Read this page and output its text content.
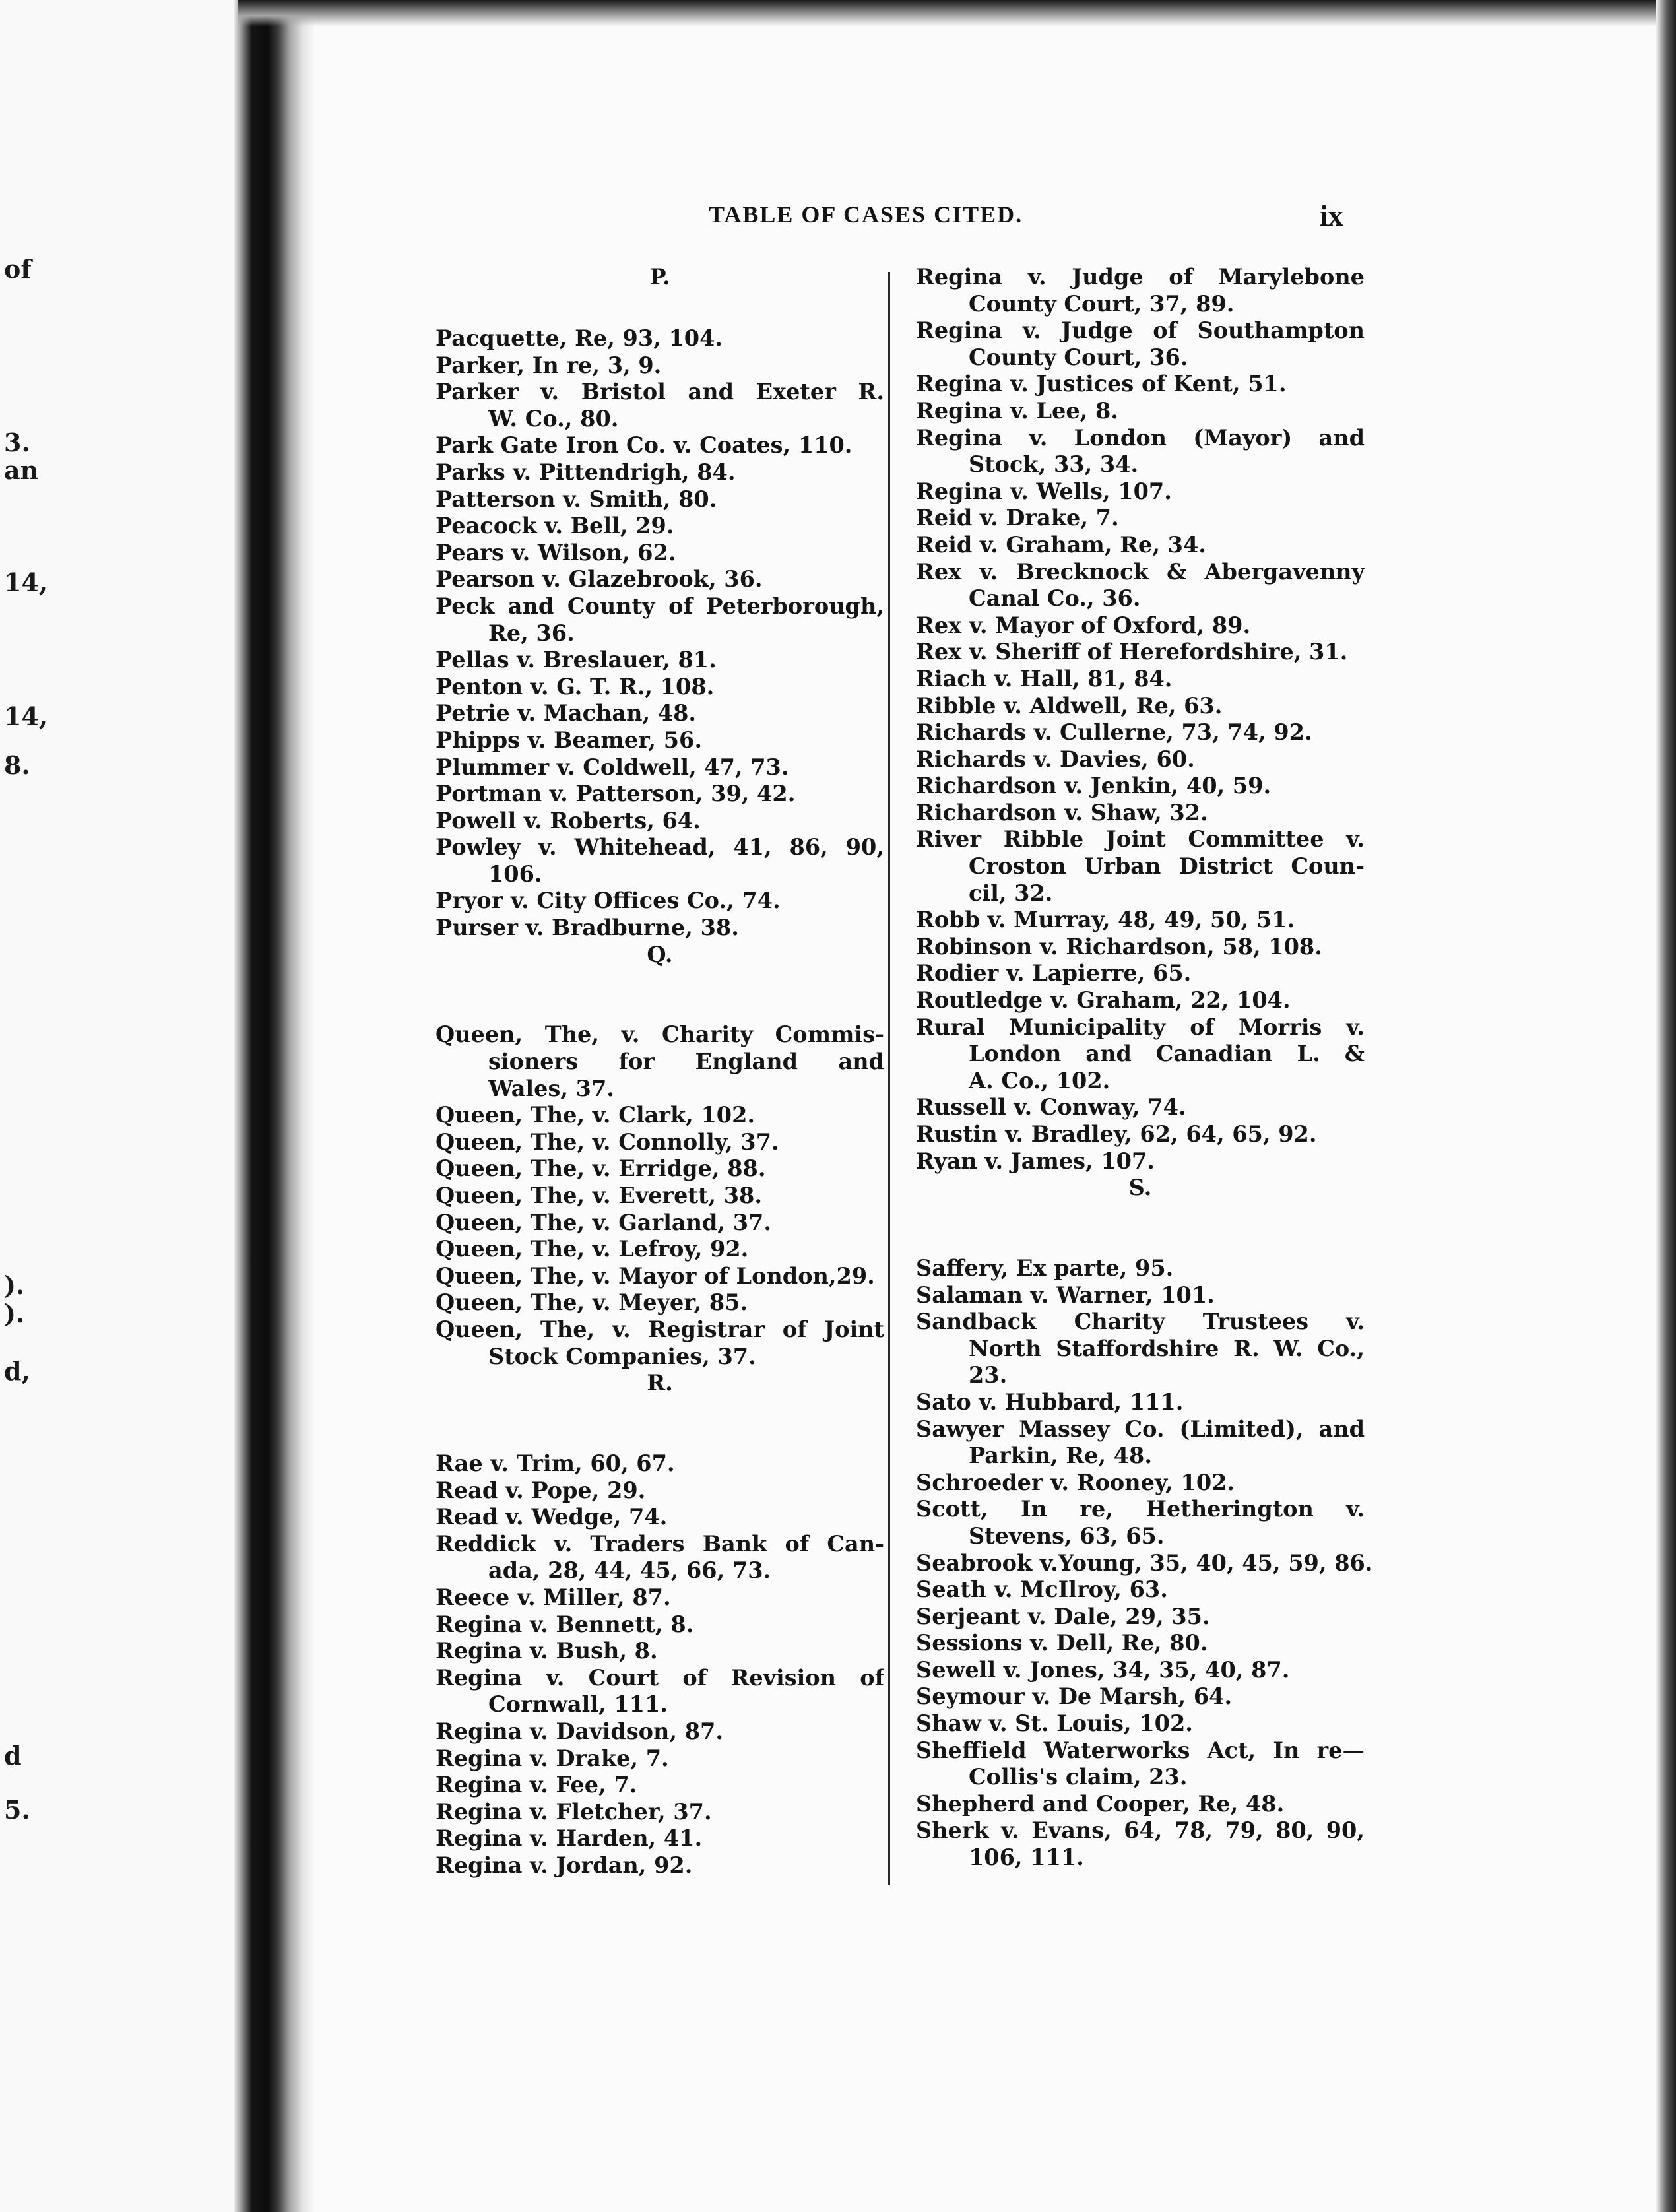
of
3.
an
14,
14,
8.
).
).
d,
d
5.
TABLE OF CASES CITED.	ix
P.
Pacquette, Re, 93, 104.
Parker, In re, 3, 9.
Parker v. Bristol and Exeter R.
W. Co., 80.
Park Gate Iron Co. v. Coates, 110.
Parks v. Pittendrigh, 84.
Patterson v. Smith, 80.
Peacock v. Bell, 29.
Pears v. Wilson, 62.
Pearson v. Glazebrook, 36.
Peck and County of Peterborough,
Re, 36.
Pellas v. Breslauer, 81.
Penton v. G. T. R., 108.
Petrie v. Machan, 48.
Phipps v. Beamer, 56.
Plummer v. Coldwell, 47, 73.
Portman v. Patterson, 39, 42.
Powell v. Roberts, 64.
Powley v. Whitehead, 41, 86, 90,
106.
Pryor v. City Offices Co., 74.
Purser v. Bradburne, 38.
Q.
Queen, The, v. Charity Commis-
sioners for England and
Wales, 37.
Queen, The, v. Clark, 102.
Queen, The, v. Connolly, 37.
Queen, The, v. Erridge, 88.
Queen, The, v. Everett, 38.
Queen, The, v. Garland, 37.
Queen, The, v. Lefroy, 92.
Queen, The, v. Mayor of London,29.
Queen, The, v. Meyer, 85.
Queen, The, v. Registrar of Joint
Stock Companies, 37.
R.
Rae v. Trim, 60, 67.
Read v. Pope, 29.
Read v. Wedge, 74.
Reddick v. Traders Bank of Can-
ada, 28, 44, 45, 66, 73.
Reece v. Miller, 87.
Regina v. Bennett, 8.
Regina v. Bush, 8.
Regina v. Court of Revision of
Cornwall, 111.
Regina v. Davidson, 87.
Regina v. Drake, 7.
Regina v. Fee, 7.
Regina v. Fletcher, 37.
Regina v. Harden, 41.
Regina v. Jordan, 92.
Regina v. Judge of Marylebone
County Court, 37, 89.
Regina v. Judge of Southampton
County Court, 36.
Regina v. Justices of Kent, 51.
Regina v. Lee, 8.
Regina v. London (Mayor) and
Stock, 33, 34.
Regina v. Wells, 107.
Reid v. Drake, 7.
Reid v. Graham, Re, 34.
Rex v. Brecknock & Abergavenny
Canal Co., 36.
Rex v. Mayor of Oxford, 89.
Rex v. Sheriff of Herefordshire, 31.
Riach v. Hall, 81, 84.
Ribble v. Aldwell, Re, 63.
Richards v. Cullerne, 73, 74, 92.
Richards v. Davies, 60.
Richardson v. Jenkin, 40, 59.
Richardson v. Shaw, 32.
River Ribble Joint Committee v.
Croston Urban District Coun-
cil, 32.
Robb v. Murray, 48, 49, 50, 51.
Robinson v. Richardson, 58, 108.
Rodier v. Lapierre, 65.
Routledge v. Graham, 22, 104.
Rural Municipality of Morris v.
London and Canadian L. &
A. Co., 102.
Russell v. Conway, 74.
Rustin v. Bradley, 62, 64, 65, 92.
Ryan v. James, 107.
S.
Saffery, Ex parte, 95.
Salaman v. Warner, 101.
Sandback Charity Trustees v.
North Staffordshire R. W. Co.,
23.
Sato v. Hubbard, 111.
Sawyer Massey Co. (Limited), and
Parkin, Re, 48.
Schroeder v. Rooney, 102.
Scott, In re, Hetherington v.
Stevens, 63, 65.
Seabrook v.Young, 35, 40, 45, 59, 86.
Seath v. McIlroy, 63.
Serjeant v. Dale, 29, 35.
Sessions v. Dell, Re, 80.
Sewell v. Jones, 34, 35, 40, 87.
Seymour v. De Marsh, 64.
Shaw v. St. Louis, 102.
Sheffield Waterworks Act, In re—
Collis's claim, 23.
Shepherd and Cooper, Re, 48.
Sherk v. Evans, 64, 78, 79, 80, 90,
106, 111.
